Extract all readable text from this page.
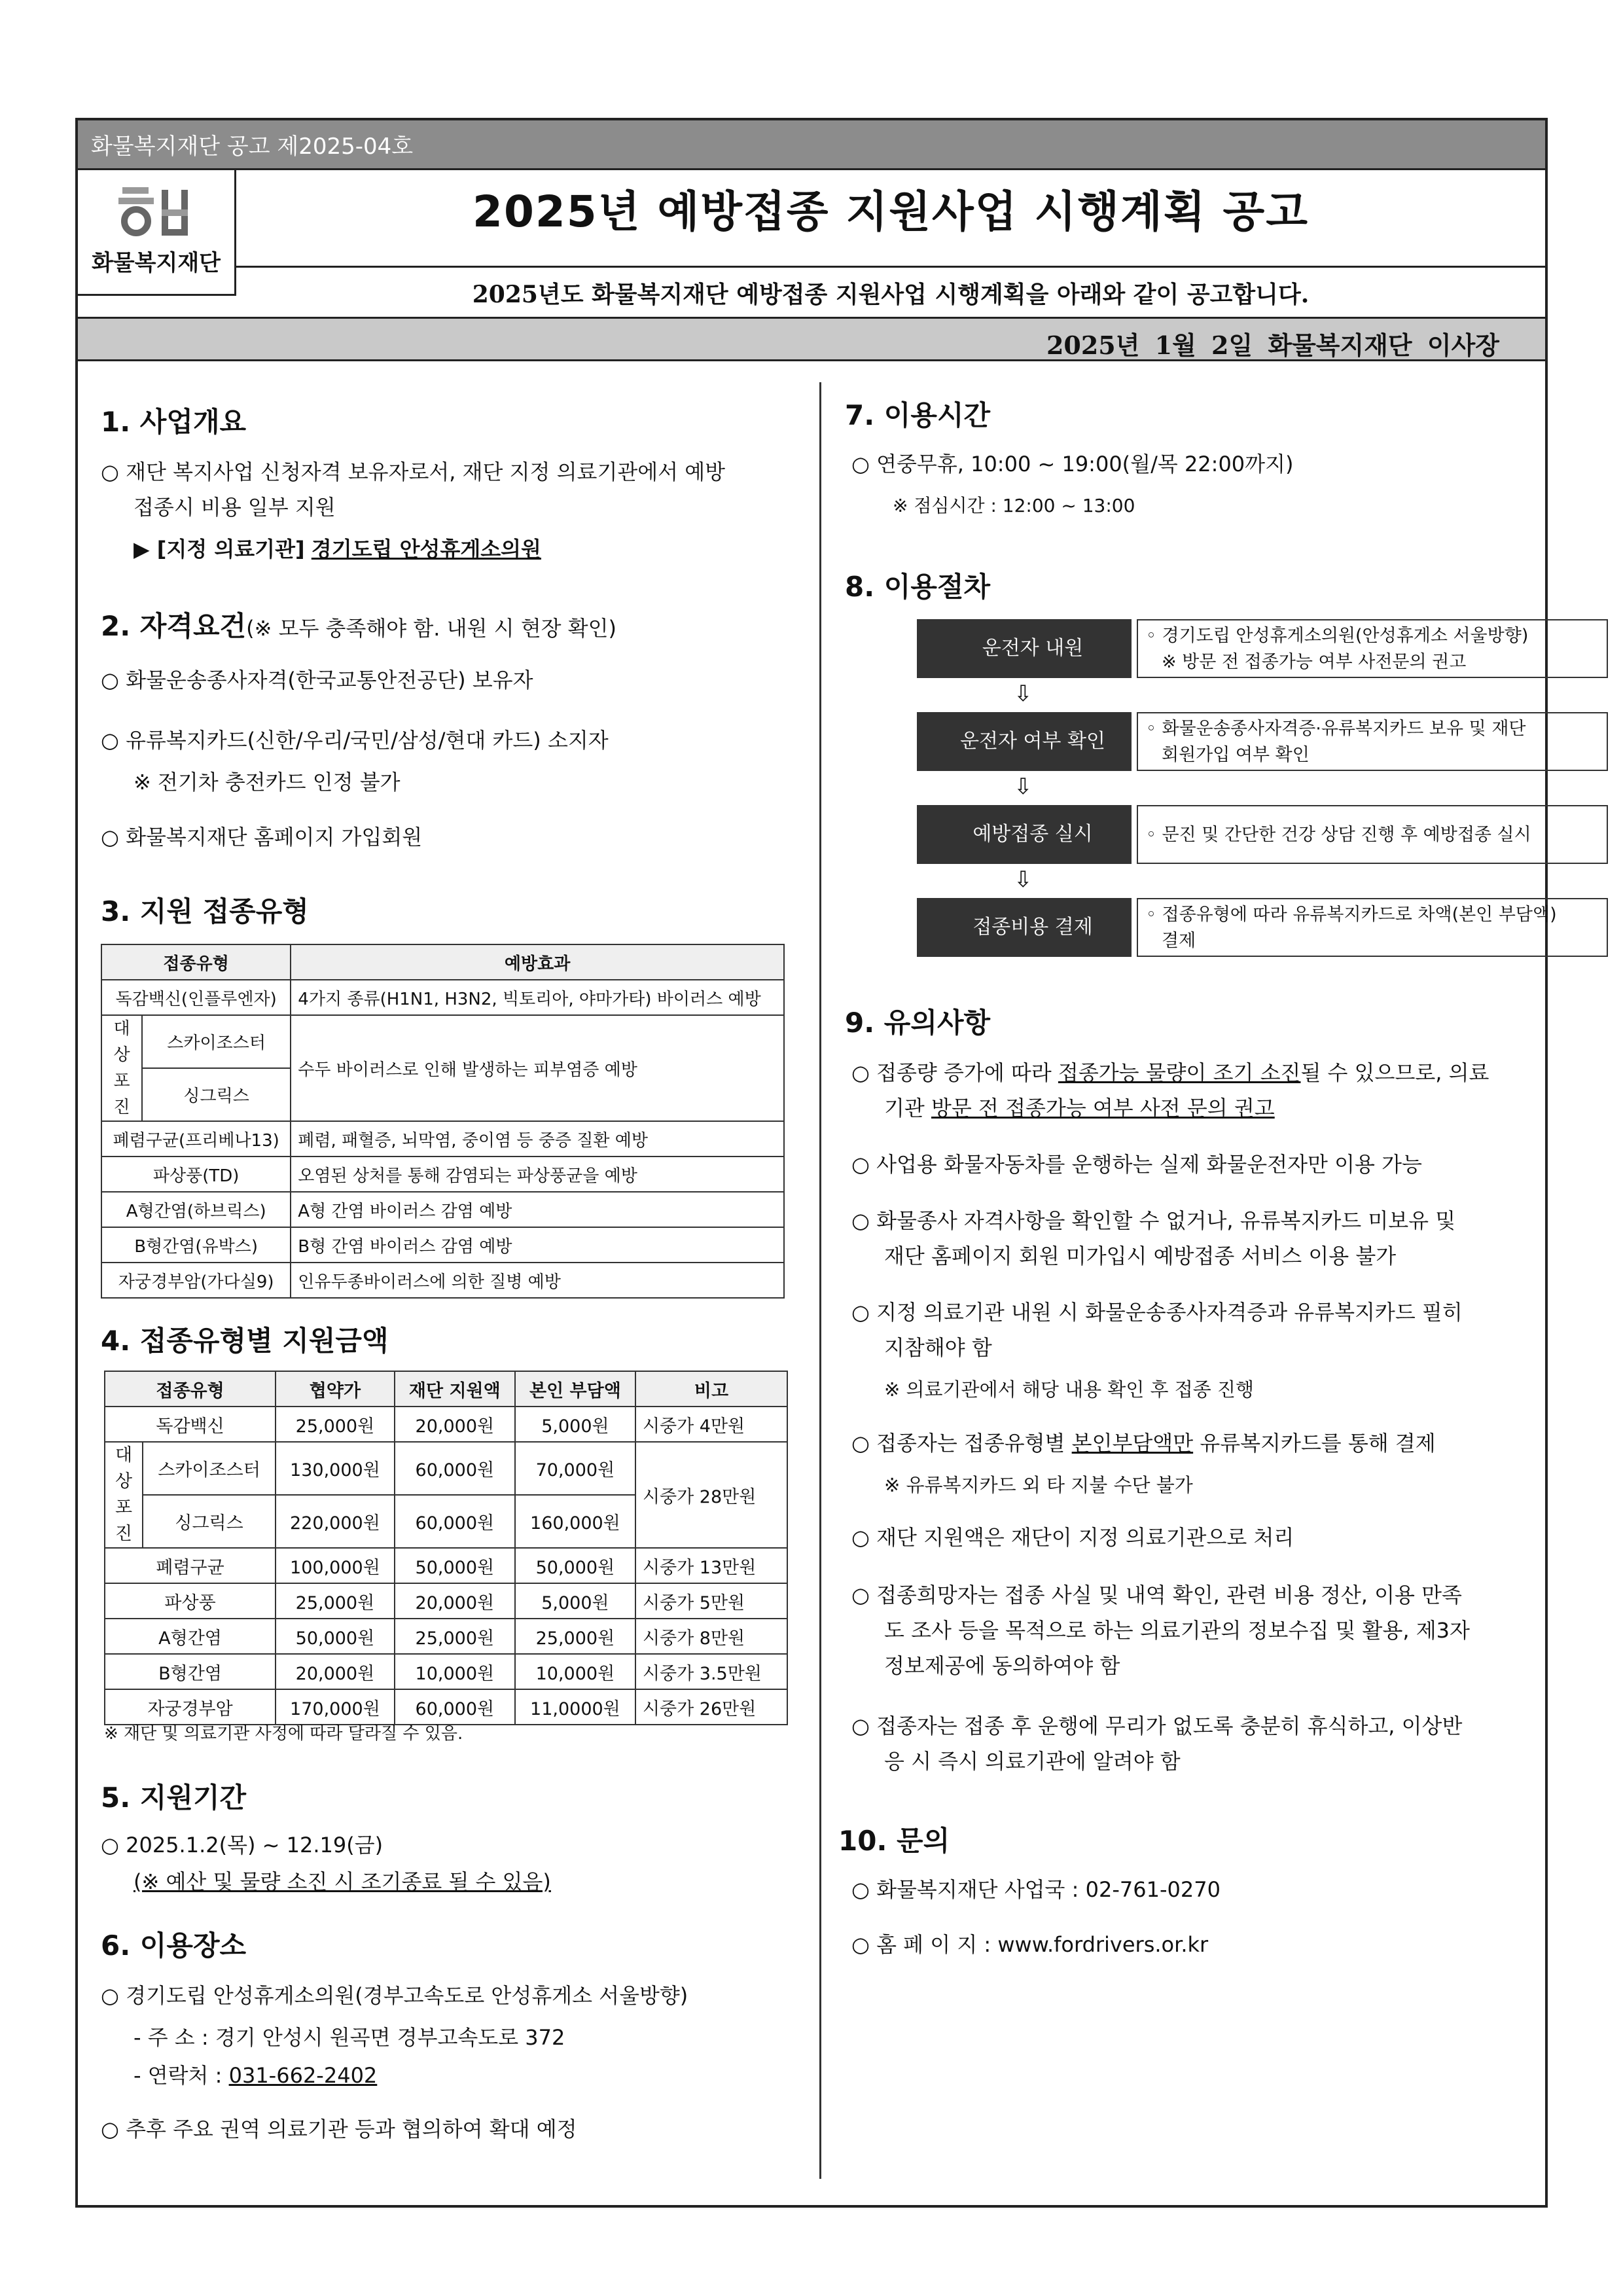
화물복지재단 공고 제2025-04호
화물복지재단
2025년 예방접종 지원사업 시행계획 공고
2025년도 화물복지재단 예방접종 지원사업 시행계획을 아래와 같이 공고합니다.
2025년 1월 2일 화물복지재단 이사장
1. 사업개요
○ 재단 복지사업 신청자격 보유자로서, 재단 지정 의료기관에서 예방
접종시 비용 일부 지원
▶ [지정 의료기관] 경기도립 안성휴게소의원
2. 자격요건(※ 모두 충족해야 함. 내원 시 현장 확인)
○ 화물운송종사자격(한국교통안전공단) 보유자
○ 유류복지카드(신한/우리/국민/삼성/현대 카드) 소지자
※ 전기차 충전카드 인정 불가
○ 화물복지재단 홈페이지 가입회원
3. 지원 접종유형
접종유형		예방효과
독감백신(인플루엔자)		4가지 종류(H1N1, H3N2, 빅토리아, 야마가타) 바이러스 예방
대상포진	스카이조스터	수두 바이러스로 인해 발생하는 피부염증 예방
	싱그릭스	
폐렴구균(프리베나13)		폐렴, 패혈증, 뇌막염, 중이염 등 중증 질환 예방
파상풍(TD)		오염된 상처를 통해 감염되는 파상풍균을 예방
A형간염(하브릭스)		A형 간염 바이러스 감염 예방
B형간염(유박스)		B형 간염 바이러스 감염 예방
자궁경부암(가다실9)		인유두종바이러스에 의한 질병 예방
4. 접종유형별 지원금액
접종유형		협약가	재단 지원액	본인 부담액	비고
독감백신		25,000원	20,000원	5,000원	시중가 4만원
대상포진	스카이조스터	130,000원	60,000원	70,000원	시중가 28만원
	싱그릭스	220,000원	60,000원	160,000원	
폐렴구균		100,000원	50,000원	50,000원	시중가 13만원
파상풍		25,000원	20,000원	5,000원	시중가 5만원
A형간염		50,000원	25,000원	25,000원	시중가 8만원
B형간염		20,000원	10,000원	10,000원	시중가 3.5만원
자궁경부암		170,000원	60,000원	11,0000원	시중가 26만원
※ 재단 및 의료기관 사정에 따라 달라질 수 있음.
5. 지원기간
○ 2025.1.2(목) ~ 12.19(금)
(※ 예산 및 물량 소진 시 조기종료 될 수 있음)
6. 이용장소
○ 경기도립 안성휴게소의원(경부고속도로 안성휴게소 서울방향)
- 주 소 : 경기 안성시 원곡면 경부고속도로 372
- 연락처 : 031-662-2402
○ 추후 주요 권역 의료기관 등과 협의하여 확대 예정
7. 이용시간
○ 연중무휴, 10:00 ~ 19:00(월/목 22:00까지)
※ 점심시간 : 12:00 ~ 13:00
8. 이용절차
1 운전자 내원
◦ 경기도립 안성휴게소의원(안성휴게소 서울방향)
※ 방문 전 접종가능 여부 사전문의 권고
⇩
2 운전자 여부 확인
◦ 화물운송종사자격증·유류복지카드 보유 및 재단
회원가입 여부 확인
⇩
3 예방접종 실시	◦ 문진 및 간단한 건강 상담 진행 후 예방접종 실시
⇩
4 접종비용 결제
◦ 접종유형에 따라 유류복지카드로 차액(본인 부담액)
결제
9. 유의사항
○ 접종량 증가에 따라 접종가능 물량이 조기 소진될 수 있으므로, 의료
기관 방문 전 접종가능 여부 사전 문의 권고
○ 사업용 화물자동차를 운행하는 실제 화물운전자만 이용 가능
○ 화물종사 자격사항을 확인할 수 없거나, 유류복지카드 미보유 및
재단 홈페이지 회원 미가입시 예방접종 서비스 이용 불가
○ 지정 의료기관 내원 시 화물운송종사자격증과 유류복지카드 필히
지참해야 함
※ 의료기관에서 해당 내용 확인 후 접종 진행
○ 접종자는 접종유형별 본인부담액만 유류복지카드를 통해 결제
※ 유류복지카드 외 타 지불 수단 불가
○ 재단 지원액은 재단이 지정 의료기관으로 처리
○ 접종희망자는 접종 사실 및 내역 확인, 관련 비용 정산, 이용 만족
도 조사 등을 목적으로 하는 의료기관의 정보수집 및 활용, 제3자
정보제공에 동의하여야 함
○ 접종자는 접종 후 운행에 무리가 없도록 충분히 휴식하고, 이상반
응 시 즉시 의료기관에 알려야 함
10. 문의
○ 화물복지재단 사업국 : 02-761-0270
○ 홈 페 이 지 : www.fordrivers.or.kr
